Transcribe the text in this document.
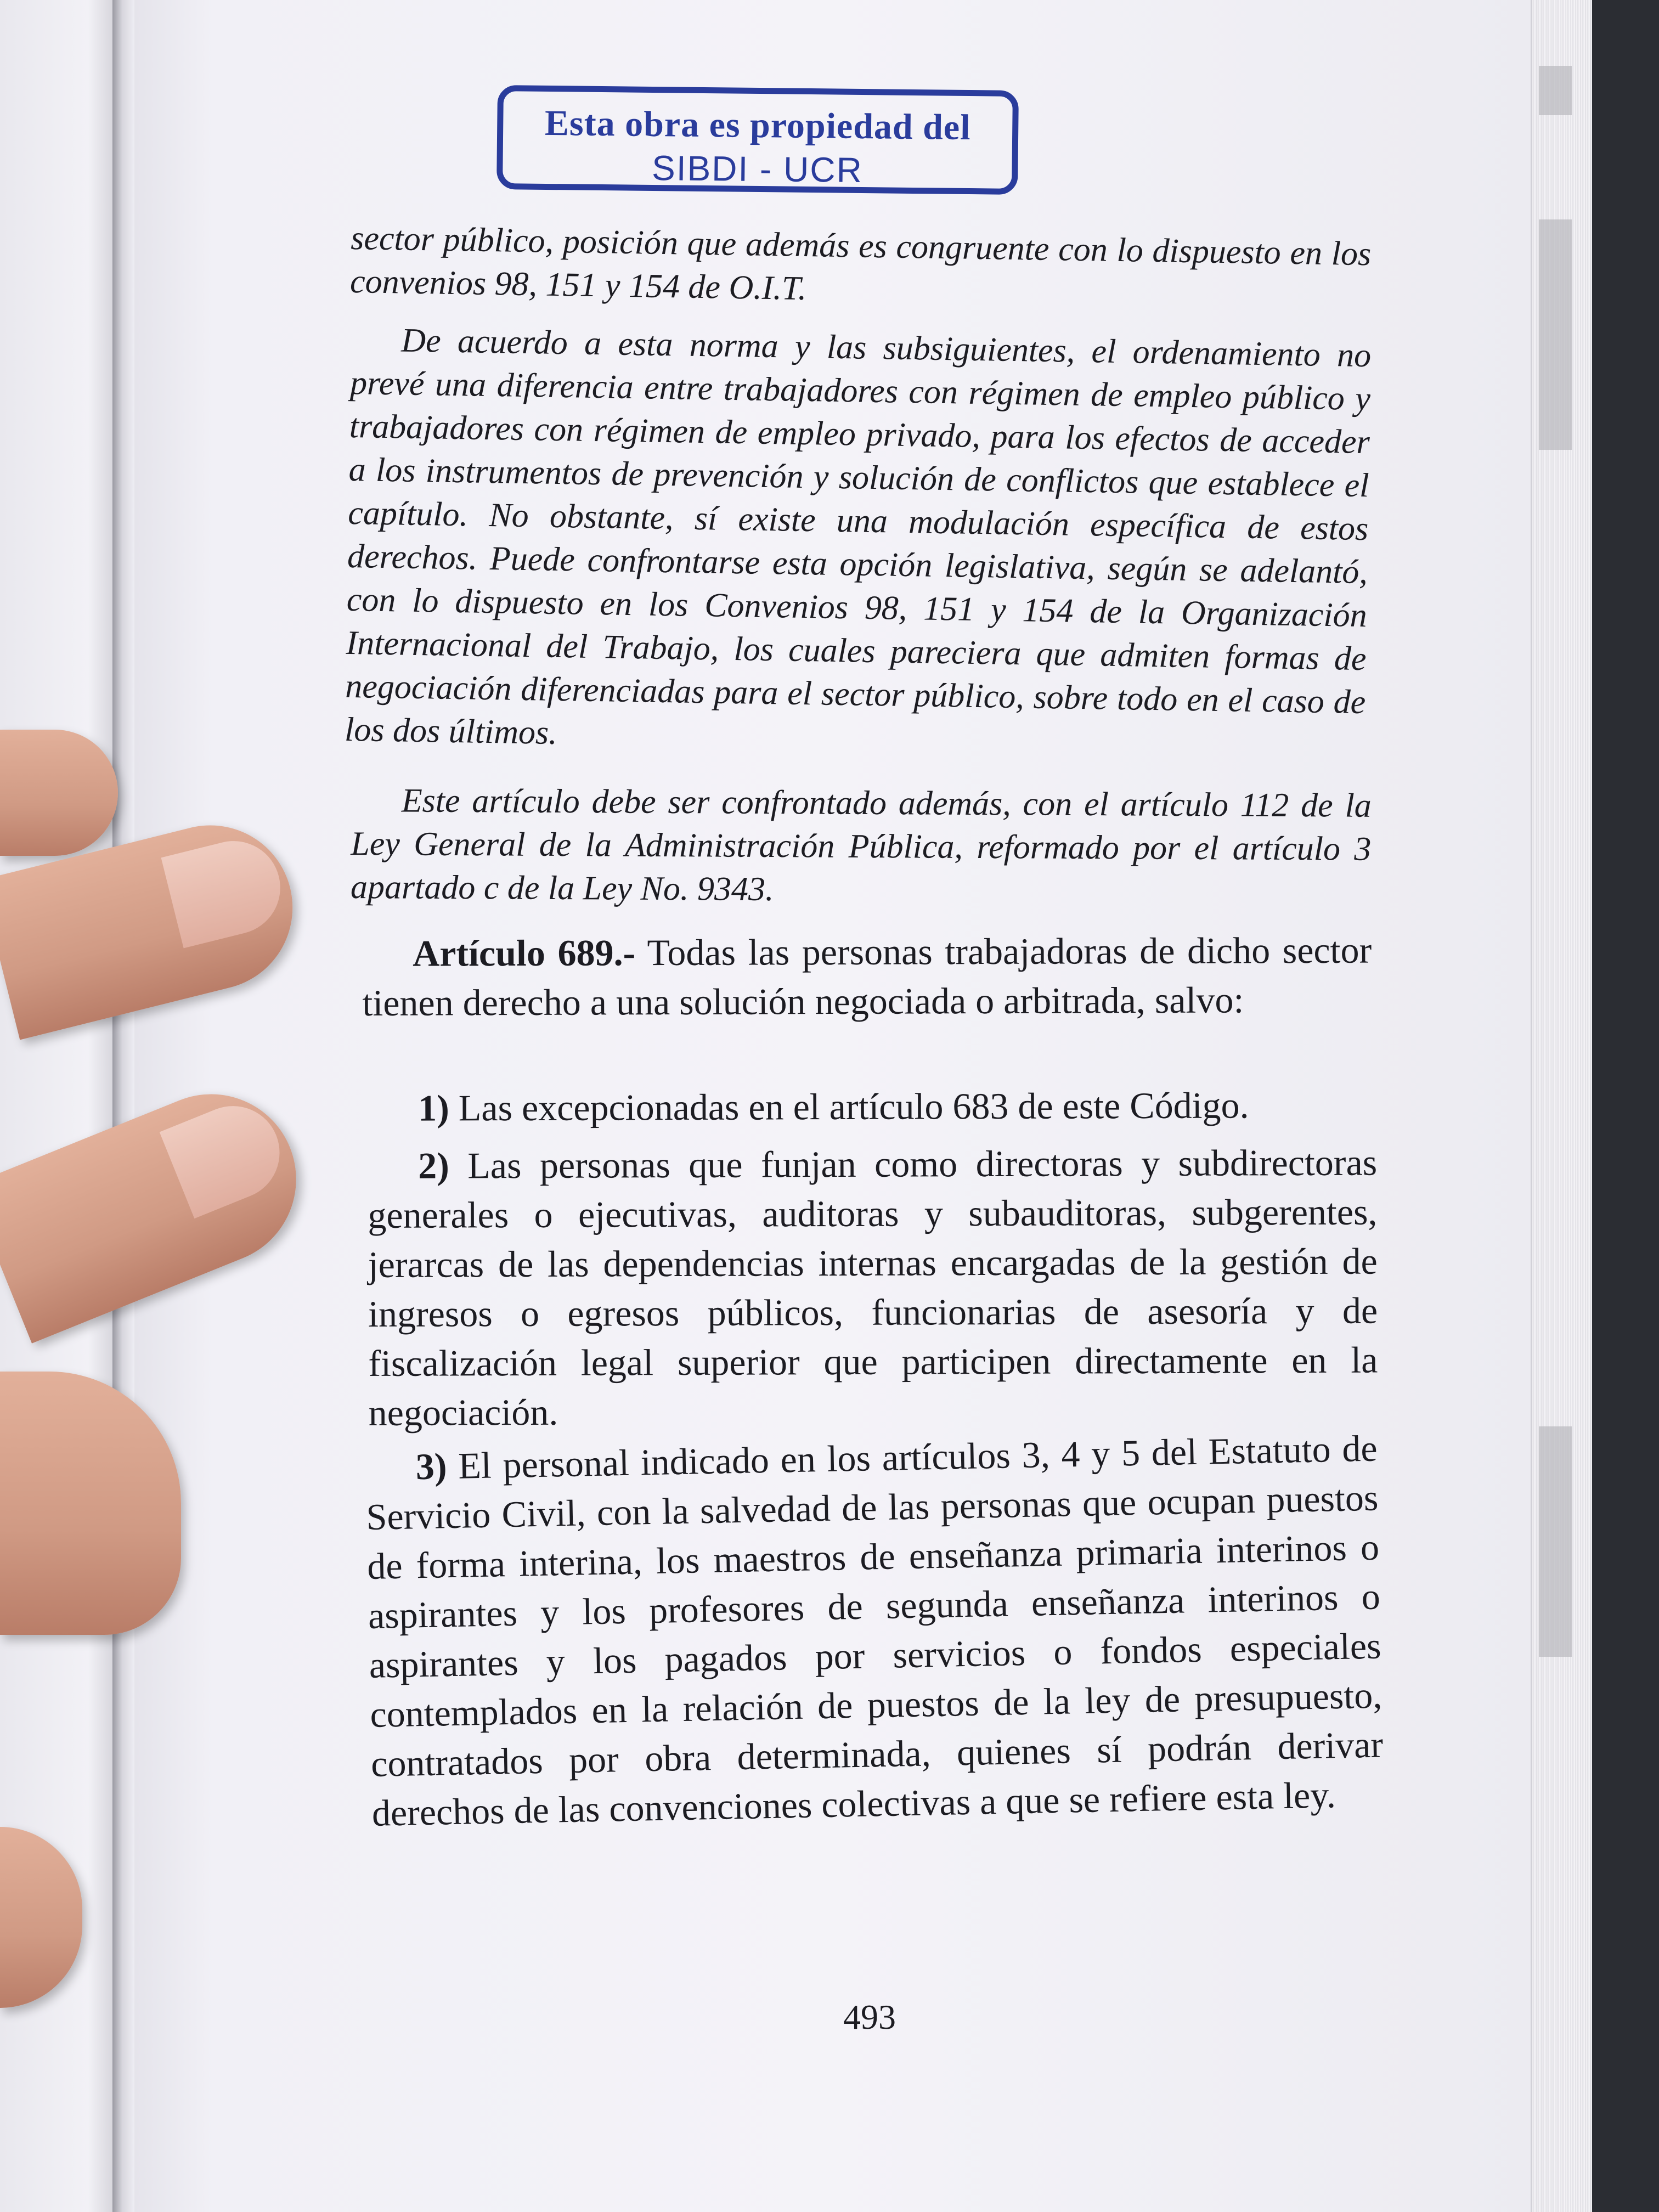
Esta obra es propiedad del
SIBDI - UCR

sector público, posición que además es congruente con lo dispuesto en los convenios 98, 151 y 154 de O.I.T.

De acuerdo a esta norma y las subsiguientes, el ordenamiento no prevé una diferencia entre trabajadores con régimen de empleo público y trabajadores con régimen de empleo privado, para los efectos de acceder a los instrumentos de prevención y solución de conflictos que establece el capítulo. No obstante, sí existe una modulación específica de estos derechos. Puede confrontarse esta opción legislativa, según se adelantó, con lo dispuesto en los Convenios 98, 151 y 154 de la Organización Internacional del Trabajo, los cuales pareciera que admiten formas de negociación diferenciadas para el sector público, sobre todo en el caso de los dos últimos.

Este artículo debe ser confrontado además, con el artículo 112 de la Ley General de la Administración Pública, reformado por el artículo 3 apartado c de la Ley No. 9343.

Artículo 689.- Todas las personas trabajadoras de dicho sector tienen derecho a una solución negociada o arbitrada, salvo:

1) Las excepcionadas en el artículo 683 de este Código.

2) Las personas que funjan como directoras y subdirectoras generales o ejecutivas, auditoras y subauditoras, subgerentes, jerarcas de las dependencias internas encargadas de la gestión de ingresos o egresos públicos, funcionarias de asesoría y de fiscalización legal superior que participen directamente en la negociación.

3) El personal indicado en los artículos 3, 4 y 5 del Estatuto de Servicio Civil, con la salvedad de las personas que ocupan puestos de forma interina, los maestros de enseñanza primaria interinos o aspirantes y los profesores de segunda enseñanza interinos o aspirantes y los pagados por servicios o fondos especiales contemplados en la relación de puestos de la ley de presupuesto, contratados por obra determinada, quienes sí podrán derivar derechos de las convenciones colectivas a que se refiere esta ley.

493
